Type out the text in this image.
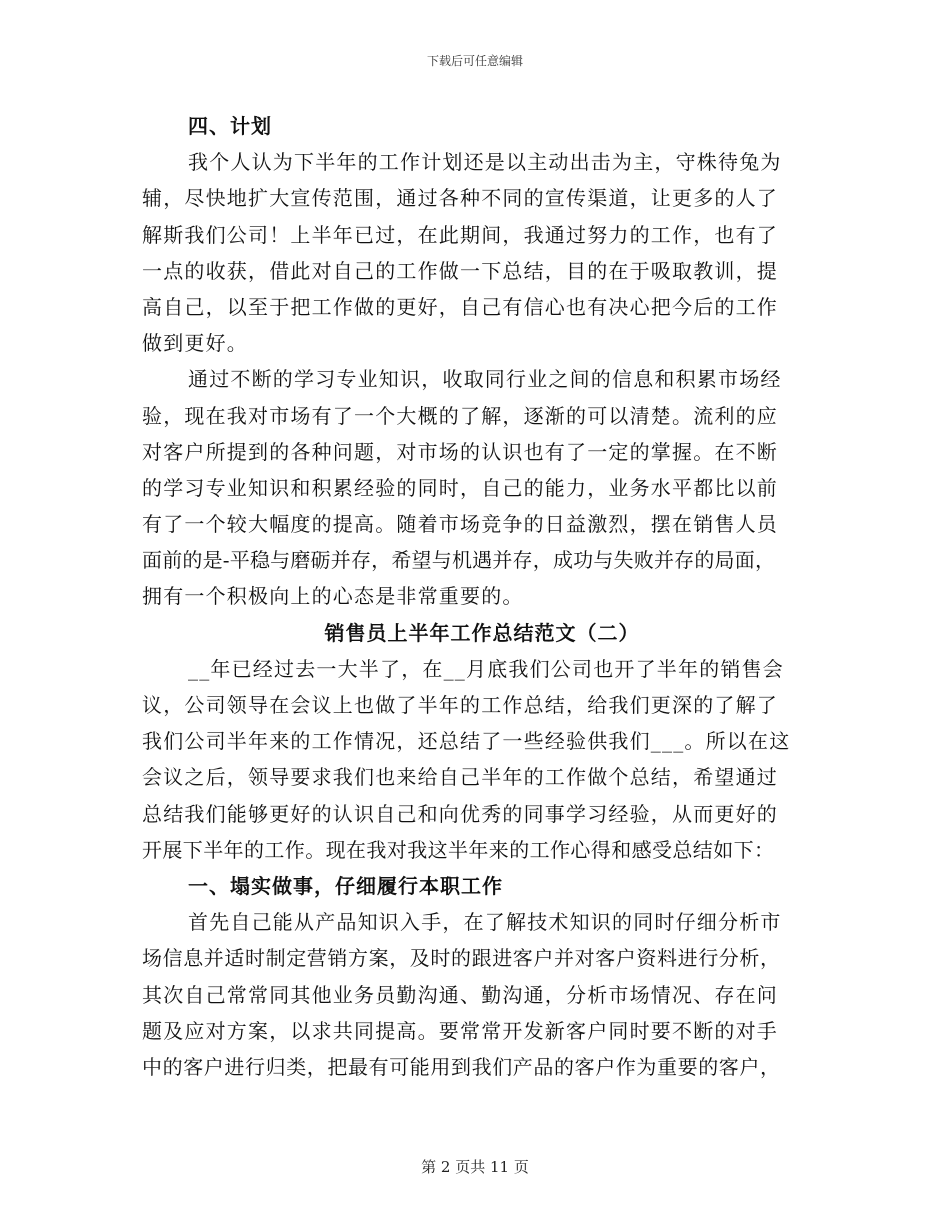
下载后可任意编辑
四、计划
我个人认为下半年的工作计划还是以主动出击为主，守株待兔为
辅，尽快地扩大宣传范围，通过各种不同的宣传渠道，让更多的人了
解斯我们公司！上半年已过，在此期间，我通过努力的工作，也有了
一点的收获，借此对自己的工作做一下总结，目的在于吸取教训，提
高自己，以至于把工作做的更好，自己有信心也有决心把今后的工作
做到更好。
通过不断的学习专业知识，收取同行业之间的信息和积累市场经
验，现在我对市场有了一个大概的了解，逐渐的可以清楚。流利的应
对客户所提到的各种问题，对市场的认识也有了一定的掌握。在不断
的学习专业知识和积累经验的同时，自己的能力，业务水平都比以前
有了一个较大幅度的提高。随着市场竞争的日益激烈，摆在销售人员
面前的是-平稳与磨砺并存，希望与机遇并存，成功与失败并存的局面，
拥有一个积极向上的心态是非常重要的。
销售员上半年工作总结范文（二）
__年已经过去一大半了，在__月底我们公司也开了半年的销售会
议，公司领导在会议上也做了半年的工作总结，给我们更深的了解了
我们公司半年来的工作情况，还总结了一些经验供我们___。所以在这
会议之后，领导要求我们也来给自己半年的工作做个总结，希望通过
总结我们能够更好的认识自己和向优秀的同事学习经验，从而更好的
开展下半年的工作。现在我对我这半年来的工作心得和感受总结如下：
一、塌实做事，仔细履行本职工作
首先自己能从产品知识入手，在了解技术知识的同时仔细分析市
场信息并适时制定营销方案，及时的跟进客户并对客户资料进行分析，
其次自己常常同其他业务员勤沟通、勤沟通，分析市场情况、存在问
题及应对方案，以求共同提高。要常常开发新客户同时要不断的对手
中的客户进行归类，把最有可能用到我们产品的客户作为重要的客户，
第 2 页共 11 页
